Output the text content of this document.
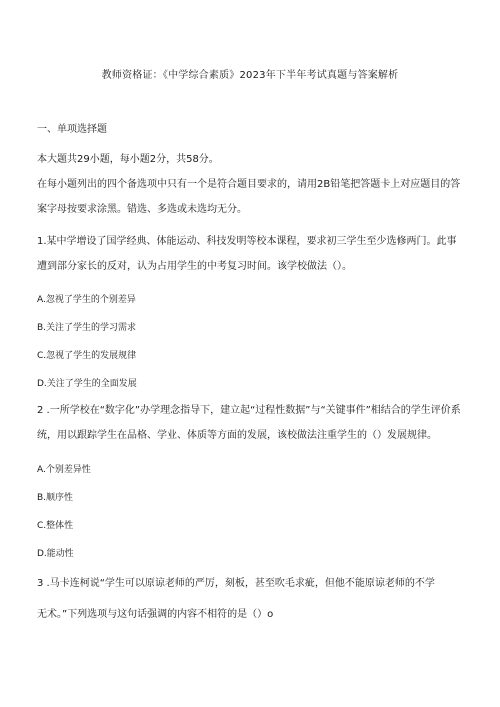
教师资格证：《中学综合素质》2023年下半年考试真题与答案解析
一、单项选择题
本大题共29小题，每小题2分，共58分。
在每小题列出的四个备选项中只有一个是符合题目要求的，请用2B铅笔把答题卡上对应题目的答案字母按要求涂黑。错选、多选或未选均无分。
1.某中学增设了国学经典、体能运动、科技发明等校本课程，要求初三学生至少选修两门。此事遭到部分家长的反对，认为占用学生的中考复习时间。该学校做法（）。
A.忽视了学生的个别差异
B.关注了学生的学习需求
C.忽视了学生的发展规律
D.关注了学生的全面发展
2 .一所学校在“数字化”办学理念指导下，建立起“过程性数据”与“关键事件”相结合的学生评价系统，用以跟踪学生在品格、学业、体质等方面的发展，该校做法注重学生的（）发展规律。
A.个别差异性
B.顺序性
C.整体性
D.能动性
3 .马卡连柯说“学生可以原谅老师的严厉，刻板，甚至吹毛求疵，但他不能原谅老师的不学
无术。”下列选项与这句话强调的内容不相符的是（）o
